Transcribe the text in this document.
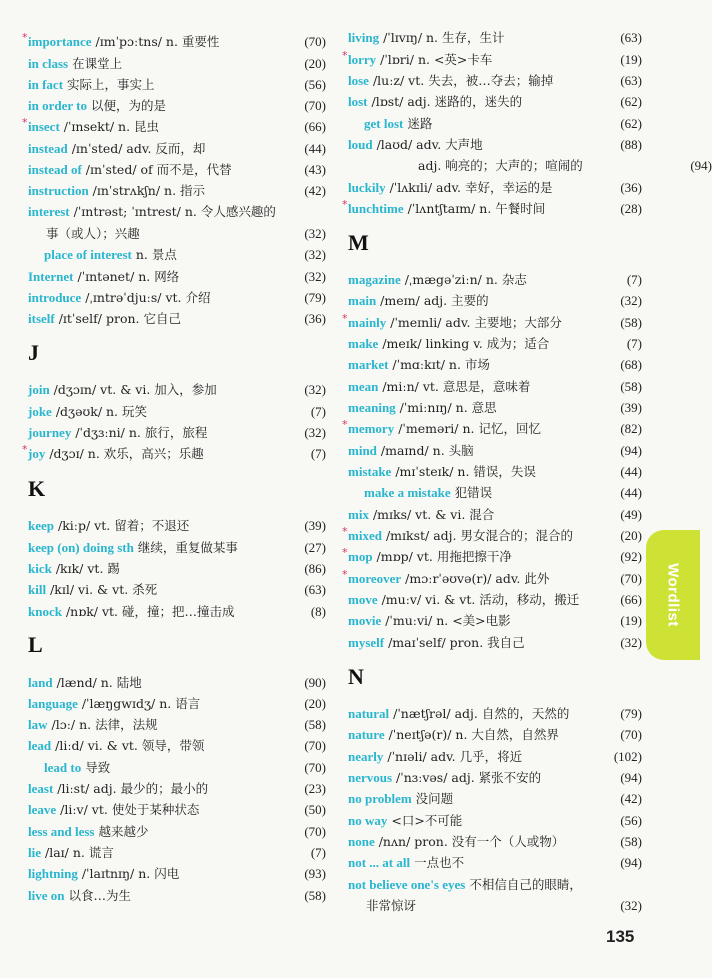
* importance /ɪmˈpɔːtns/ n. 重要性	(70)
in class 在课堂上	(20)
in fact 实际上，事实上	(56)
in order to 以便，为的是	(70)
* insect /ˈɪnsekt/ n. 昆虫	(66)
instead /ɪnˈsted/ adv. 反而，却	(44)
instead of /ɪnˈsted/ of 而不是，代替	(43)
instruction /ɪnˈstrʌkʃn/ n. 指示	(42)
interest /ˈɪntrəst; ˈɪntrest/ n. 令人感兴趣的
事（或人）；兴趣	(32)
place of interest n. 景点	(32)
Internet /ˈɪntənet/ n. 网络	(32)
introduce /ˌɪntrəˈdjuːs/ vt. 介绍	(79)
itself /ɪtˈself/ pron. 它自己	(36)
J
join /dʒɔɪn/ vt. & vi. 加入，参加	(32)
joke /dʒəʊk/ n. 玩笑	(7)
journey /ˈdʒɜːni/ n. 旅行，旅程	(32)
* joy /dʒɔɪ/ n. 欢乐，高兴；乐趣	(7)
K
keep /kiːp/ vt. 留着；不退还	(39)
keep (on) doing sth 继续，重复做某事	(27)
kick /kɪk/ vt. 踢	(86)
kill /kɪl/ vi. & vt. 杀死	(63)
knock /nɒk/ vt. 碰，撞；把…撞击成	(8)
L
land /lænd/ n. 陆地	(90)
language /ˈlæŋgwɪdʒ/ n. 语言	(20)
law /lɔː/ n. 法律，法规	(58)
lead /liːd/ vi. & vt. 领导，带领	(70)
lead to 导致	(70)
least /liːst/ adj. 最少的；最小的	(23)
leave /liːv/ vt. 使处于某种状态	(50)
less and less 越来越少	(70)
lie /laɪ/ n. 谎言	(7)
lightning /ˈlaɪtnɪŋ/ n. 闪电	(93)
live on 以食…为生	(58)
living /ˈlɪvɪŋ/ n. 生存，生计	(63)
* lorry /ˈlɒri/ n. <英>卡车	(19)
lose /luːz/ vt. 失去，被…夺去；输掉	(63)
lost /lɒst/ adj. 迷路的，迷失的	(62)
get lost 迷路	(62)
loud /laʊd/ adv. 大声地	(88)
adj. 响亮的；大声的；喧闹的	(94)
luckily /ˈlʌkɪli/ adv. 幸好，幸运的是	(36)
* lunchtime /ˈlʌntʃtaɪm/ n. 午餐时间	(28)
M
magazine /ˌmægəˈziːn/ n. 杂志	(7)
main /meɪn/ adj. 主要的	(32)
* mainly /ˈmeɪnli/ adv. 主要地；大部分	(58)
make /meɪk/ linking v. 成为；适合	(7)
market /ˈmɑːkɪt/ n. 市场	(68)
mean /miːn/ vt. 意思是，意味着	(58)
meaning /ˈmiːnɪŋ/ n. 意思	(39)
* memory /ˈmeməri/ n. 记忆，回忆	(82)
mind /maɪnd/ n. 头脑	(94)
mistake /mɪˈsteɪk/ n. 错误，失误	(44)
make a mistake 犯错误	(44)
mix /mɪks/ vt. & vi. 混合	(49)
* mixed /mɪkst/ adj. 男女混合的；混合的	(20)
* mop /mɒp/ vt. 用拖把擦干净	(92)
* moreover /mɔːrˈəʊvə(r)/ adv. 此外	(70)
move /muːv/ vi. & vt. 活动，移动，搬迁	(66)
movie /ˈmuːvi/ n. <美>电影	(19)
myself /maɪˈself/ pron. 我自己	(32)
N
natural /ˈnætʃrəl/ adj. 自然的，天然的	(79)
nature /ˈneɪtʃə(r)/ n. 大自然，自然界	(70)
nearly /ˈnɪəli/ adv. 几乎，将近	(102)
nervous /ˈnɜːvəs/ adj. 紧张不安的	(94)
no problem 没问题	(42)
no way <口>不可能	(56)
none /nʌn/ pron. 没有一个（人或物）	(58)
not ... at all 一点也不	(94)
not believe one's eyes 不相信自己的眼睛，
非常惊讶	(32)
Wordlist
135
